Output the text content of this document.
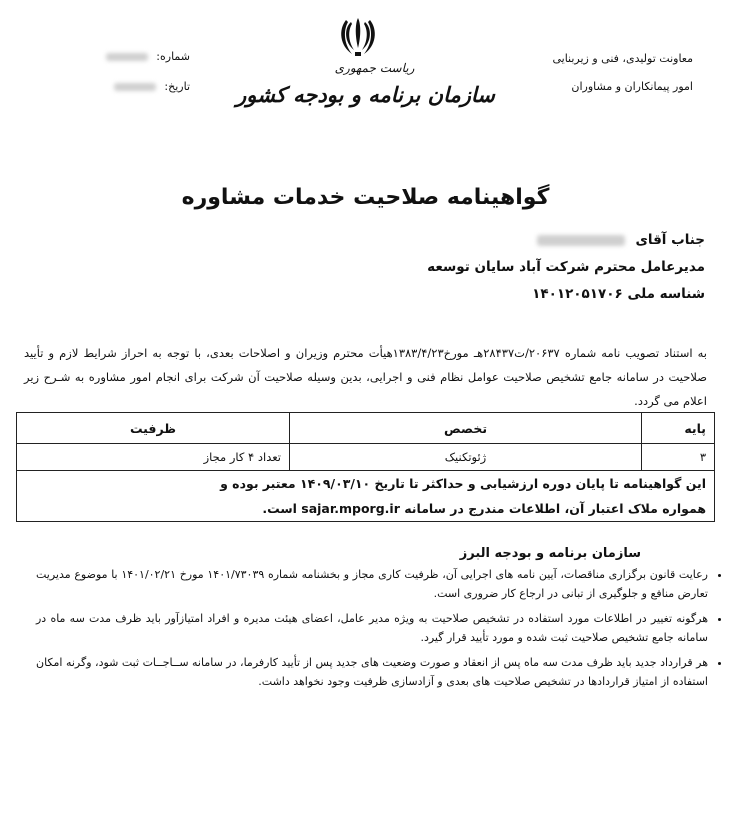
معاونت تولیدی، فنی و زیربنایی
امور پیمانکاران و مشاوران
شماره:
تاریخ:
ریاست جمهوری
سازمان برنامه و بودجه کشور
گواهینامه صلاحیت خدمات مشاوره
جناب آقای
مدیرعامل محترم شرکت آباد سایان توسعه
شناسه ملی ۱۴۰۱۲۰۵۱۷۰۶
به استناد تصویب نامه شماره ۲۰۶۳۷/ت۲۸۴۳۷هـ مورخ۱۳۸۳/۴/۲۳هیأت محترم وزیران و اصلاحات بعدی، با توجه به احراز شرایط لازم و تأیید صلاحیت در سامانه جامع تشخیص صلاحیت عوامل نظام فنی و اجرایی، بدین وسیله صلاحیت آن شرکت برای انجام امور مشاوره به شـرح زیر اعلام می گردد.
پایه	تخصص	ظرفیت
۳	ژئوتکنیک	تعداد ۴ کار مجاز

این گواهینامه تا پایان دوره ارزشیابی و حداکثر تا تاریخ ۱۴۰۹/۰۳/۱۰ معتبر بوده و
همواره ملاک اعتبار آن، اطلاعات مندرج در سامانه sajar.mporg.ir است.		
سازمان برنامه و بودجه البرز
• رعایت قانون برگزاری مناقصات، آیین نامه های اجرایی آن، ظرفیت کاری مجاز و بخشنامه شماره ۱۴۰۱/۷۳۰۳۹ مورخ ۱۴۰۱/۰۲/۲۱ با موضوع مدیریت تعارض منافع و جلوگیری از تبانی در ارجاع کار ضروری است.
• هرگونه تغییر در اطلاعات مورد استفاده در تشخیص صلاحیت به ویژه مدیر عامل، اعضای هیئت مدیره و افراد امتیازآور باید ظرف مدت سه ماه در سامانه جامع تشخیص صلاحیت ثبت شده و مورد تأیید قرار گیرد.
• هر قرارداد جدید باید ظرف مدت سه ماه پس از انعقاد و صورت وضعیت های جدید پس از تأیید کارفرما، در سامانه ســاجــات ثبت شود، وگرنه امکان استفاده از امتیاز قراردادها در تشخیص صلاحیت های بعدی و آزادسازی ظرفیت وجود نخواهد داشت.
